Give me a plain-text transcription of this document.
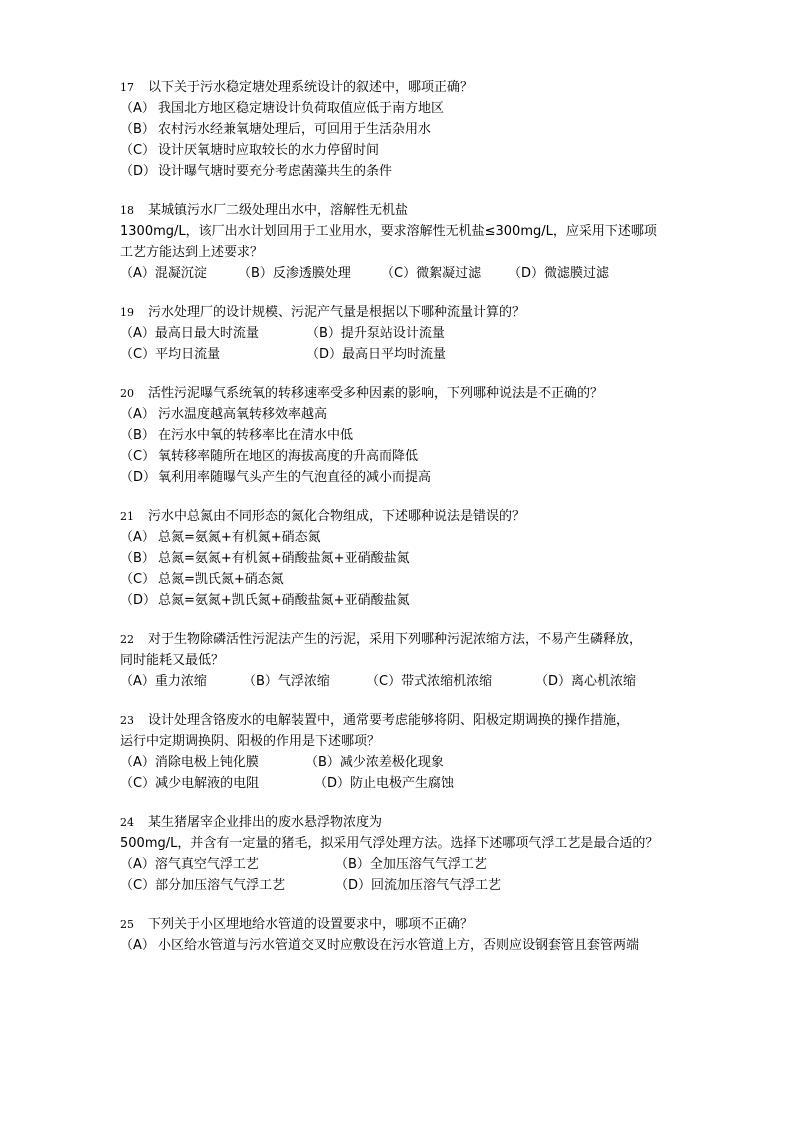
17 以下关于污水稳定塘处理系统设计的叙述中，哪项正确？
（A） 我国北方地区稳定塘设计负荷取值应低于南方地区
（B） 农村污水经兼氧塘处理后，可回用于生活杂用水
（C） 设计厌氧塘时应取较长的水力停留时间
（D） 设计曝气塘时要充分考虑菌藻共生的条件
18 某城镇污水厂二级处理出水中，溶解性无机盐
1300mg/L，该厂出水计划回用于工业用水，要求溶解性无机盐≤300mg/L，应采用下述哪项
工艺方能达到上述要求？
（A）混凝沉淀 （B）反渗透膜处理 （C）微絮凝过滤 （D）微滤膜过滤
19 污水处理厂的设计规模、污泥产气量是根据以下哪种流量计算的？
（A）最高日最大时流量	（B）提升泵站设计流量
（C）平均日流量	（D）最高日平均时流量
20 活性污泥曝气系统氧的转移速率受多种因素的影响，下列哪种说法是不正确的？
（A） 污水温度越高氧转移效率越高
（B） 在污水中氧的转移率比在清水中低
（C） 氧转移率随所在地区的海拔高度的升高而降低
（D） 氧利用率随曝气头产生的气泡直径的减小而提高
21 污水中总氮由不同形态的氮化合物组成，下述哪种说法是错误的？
（A） 总氮=氨氮+有机氮+硝态氮
（B） 总氮=氨氮+有机氮+硝酸盐氮+亚硝酸盐氮
（C） 总氮=凯氏氮+硝态氮
（D） 总氮=氨氮+凯氏氮+硝酸盐氮+亚硝酸盐氮
22 对于生物除磷活性污泥法产生的污泥，采用下列哪种污泥浓缩方法，不易产生磷释放，
同时能耗又最低？
（A）重力浓缩	（B）气浮浓缩	（C）带式浓缩机浓缩	（D）离心机浓缩
23 设计处理含铬废水的电解装置中，通常要考虑能够将阴、阳极定期调换的操作措施，
运行中定期调换阴、阳极的作用是下述哪项？
（A）消除电极上钝化膜	（B）减少浓差极化现象
（C）减少电解液的电阻	（D）防止电极产生腐蚀
24 某生猪屠宰企业排出的废水悬浮物浓度为
500mg/L，并含有一定量的猪毛，拟采用气浮处理方法。选择下述哪项气浮工艺是最合适的？
（A）溶气真空气浮工艺	（B）全加压溶气气浮工艺
（C）部分加压溶气气浮工艺	（D）回流加压溶气气浮工艺
25 下列关于小区埋地给水管道的设置要求中，哪项不正确？
（A） 小区给水管道与污水管道交叉时应敷设在污水管道上方，否则应设钢套管且套管两端
